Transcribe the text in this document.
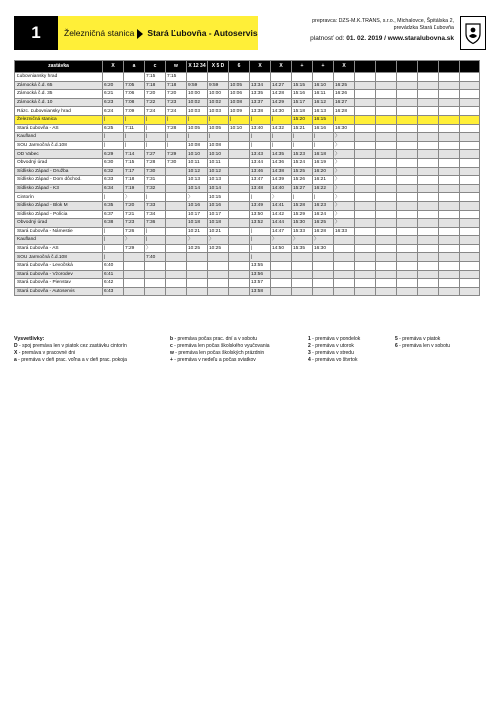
1	Železničná stanica Stará Ľubovňa - Autoservis
prepravca: DZS-M.K.TRANS, s.r.o., Michalovce, Špitálska 2,
prevádzka Stará Ľubovňa
platnosť od: 01. 02. 2019 / www.staralubovna.sk
zastávka	X	a	c	w	X 12 34	X 5 D	6	X	X	+	+	X						
Ľubovniansky hrad			7:15	7:15														
Zámocká č.d. 65	6:20	7:05	7:18	7:18	9:59	9:59	10:05	13:34	14:27	15:15	16:10	16:25						
Zámocká č.d. 35	6:21	7:06	7:20	7:20	10:00	10:00	10:06	13:35	14:28	15:16	16:11	16:26						
Zámocká č.d. 10	6:23	7:08	7:22	7:23	10:02	10:02	10:08	13:37	14:29	15:17	16:12	16:27						
Rázc. Ľubovniansky hrad	6:24	7:09	7:24	7:24	10:03	10:03	10:09	13:38	14:30	15:18	16:13	16:28						
Železničná stanica	|	|	|	|	|	|	|	|	|	15:20	16:15	|						
Stará Ľubovňa - AS	6:25	7:11	|	7:28	10:05	10:05	10:10	13:40	14:32	15:21	16:16	16:30						
Kaufland	|	|	|	|	|	|		|	|	|	|	〉						
SOU Jarmočná č.d.108	|	|	|	|	10:08	10:08		|	|	|	|	〉						
OD Vabec	6:29	7:14	7:27	7:29	10:10	10:10		13:43	14:35	15:23	16:18	〉						
Obvodný úrad	6:30	7:15	7:28	7:30	10:11	10:11		13:44	14:36	15:24	16:19	〉						
Sídlisko Západ - Družba	6:32	7:17	7:30		10:12	10:12		13:46	14:38	15:25	16:20	〉						
Sídlisko Západ - Dom dôchod.	6:33	7:18	7:31		10:13	10:13		13:47	14:39	15:26	16:21	〉						
Sídlisko Západ - K3	6:34	7:19	7:32		10:14	10:14		13:48	14:40	15:27	16:22	〉						
Cintorín	|	〉	|		〉	10:15		|	〉	|	|	〉						
Sídlisko Západ - Blok M	6:35	7:20	7:33		10:16	10:16		13:49	14:41	15:28	16:23	〉						
Sídlisko Západ - Polícia	6:37	7:21	7:34		10:17	10:17		13:50	14:42	15:29	16:24	〉						
Obvodný úrad	6:38	7:23	7:36		10:18	10:18		13:52	14:44	15:30	16:25	〉						
Stará Ľubovňa - Námestie	|	7:26	|		10:21	10:21		|	14:47	15:33	16:28	16:33						
Kaufland	|	〉	|		〉	〉		|	〉	〉	〉							
Stará Ľubovňa - AS	|	7:29	〉		10:25	10:25		|	14:50	15:35	16:30							
SOU Jarmočná č.d.108	|		7:40					|										
Stará Ľubovňa - Levočská	6:40							13:55										
Stará Ľubovňa - Vżorodev	6:41							13:56										
Stará Ľubovňa - Pienstav	6:42							13:57										
Stará Ľubovňa - Autoservis	6:43							13:58										
Vysvetlivky:
D - spoj premáva len v piatok cez zastávku cintorín
X - premáva v pracovné dni
a - premáva v deň prac. voľna a v deň prac. pokoja
b - premáva počas prac. dní a v sobotu
c - premáva len počas školského vyučovania
w - premáva len počas školských prázdnin
+ - premáva v nedeľu a počas sviatkov
1 - premáva v pondelok
2 - premáva v utorok
3 - premáva v stredu
4 - premáva vo štvrtok
5 - premáva v piatok
6 - premáva len v sobotu
